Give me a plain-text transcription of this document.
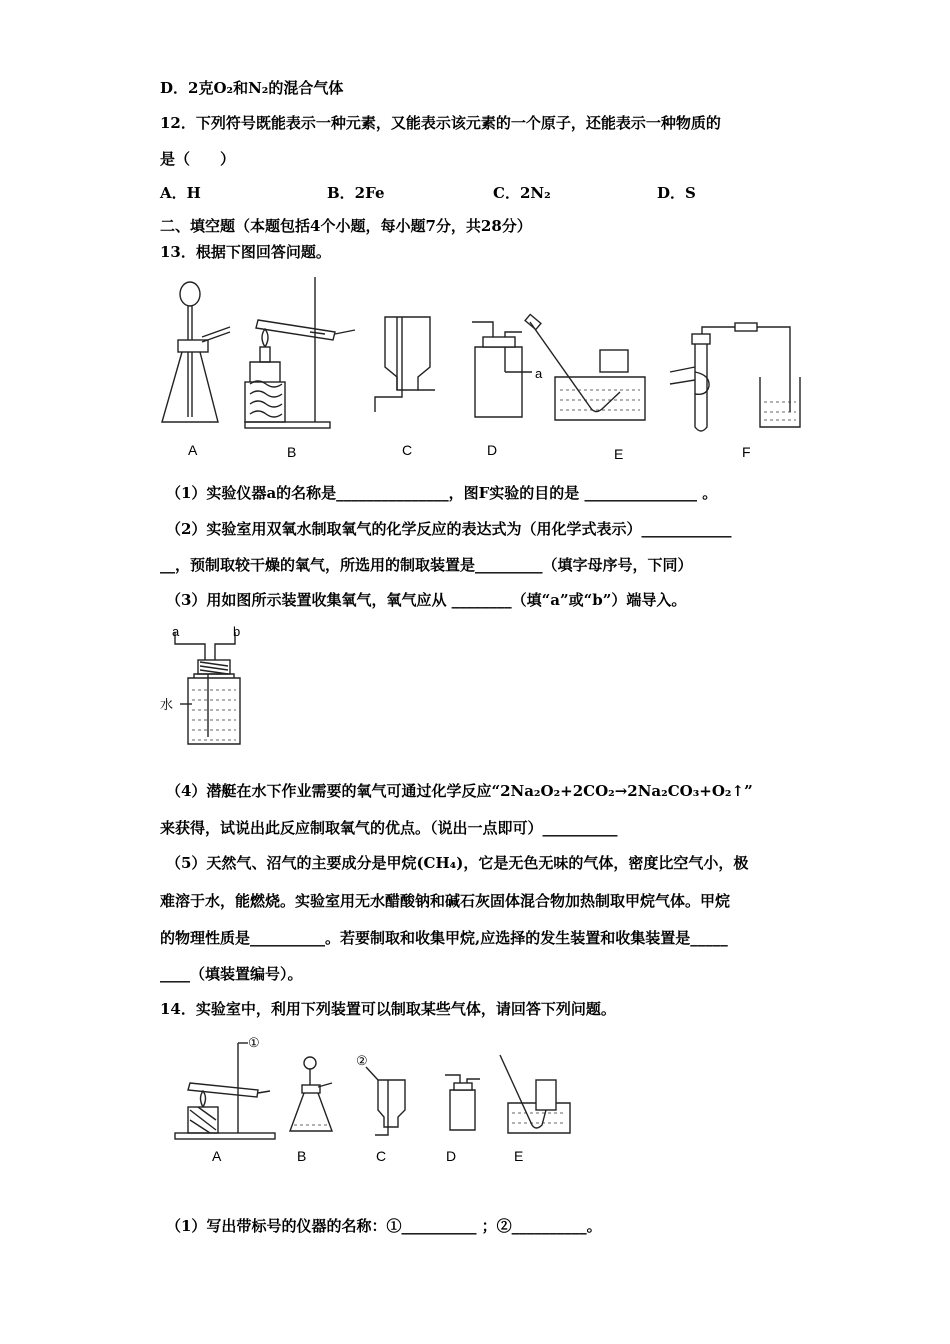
D．2克O₂和N₂的混合气体
12．下列符号既能表示一种元素，又能表示该元素的一个原子，还能表示一种物质的
是（　　）
A．H	B．2Fe	C．2N₂	D．S
二、填空题（本题包括4个小题，每小题7分，共28分）
13．根据下图回答问题。
a
A	B	C	D	E	F
（1）实验仪器a的名称是_______________，图F实验的目的是 _______________ 。
（2）实验室用双氧水制取氧气的化学反应的表达式为（用化学式表示）____________
__，预制取较干燥的氧气，所选用的制取装置是_________（填字母序号，下同）
（3）用如图所示装置收集氧气，氧气应从 ________（填“a”或“b”）端导入。
a	b
水
（4）潜艇在水下作业需要的氧气可通过化学反应“2Na₂O₂+2CO₂→2Na₂CO₃+O₂↑”
来获得，试说出此反应制取氧气的优点。（说出一点即可）__________
（5）天然气、沼气的主要成分是甲烷(CH₄)，它是无色无味的气体，密度比空气小，极
难溶于水，能燃烧。实验室用无水醋酸钠和碱石灰固体混合物加热制取甲烷气体。甲烷
的物理性质是__________。若要制取和收集甲烷,应选择的发生装置和收集装置是_____
____（填装置编号）。
14．实验室中，利用下列装置可以制取某些气体，请回答下列问题。
①
②
A	B	C	D	E
（1）写出带标号的仪器的名称：①__________ ；②__________。
